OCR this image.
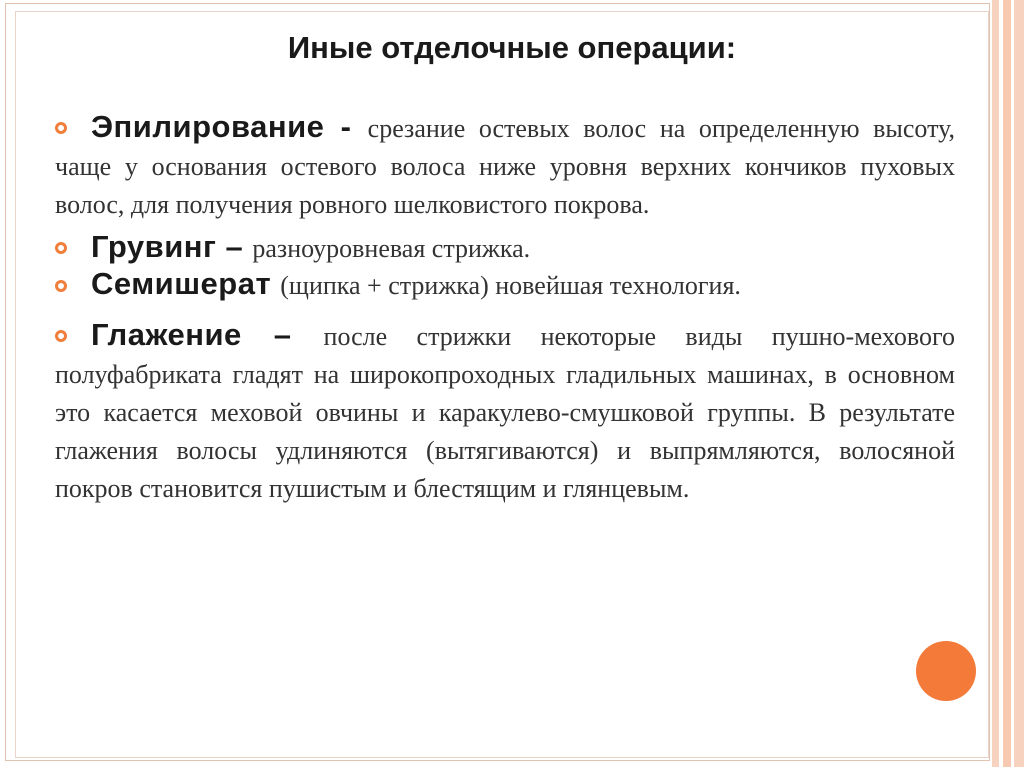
Иные отделочные операции:
Эпилирование - срезание остевых волос на определенную высоту, чаще у основания остевого волоса ниже уровня верхних кончиков пуховых волос, для получения ровного шелковистого покрова.
Грувинг – разноуровневая стрижка.
Семишерат (щипка + стрижка) новейшая технология.
Глажение – после стрижки некоторые виды пушно-мехового полуфабриката гладят на широкопроходных гладильных машинах, в основном это касается меховой овчины и каракулево-смушковой группы. В результате глажения волосы удлиняются (вытягиваются) и выпрямляются, волосяной покров становится пушистым и блестящим и глянцевым.
